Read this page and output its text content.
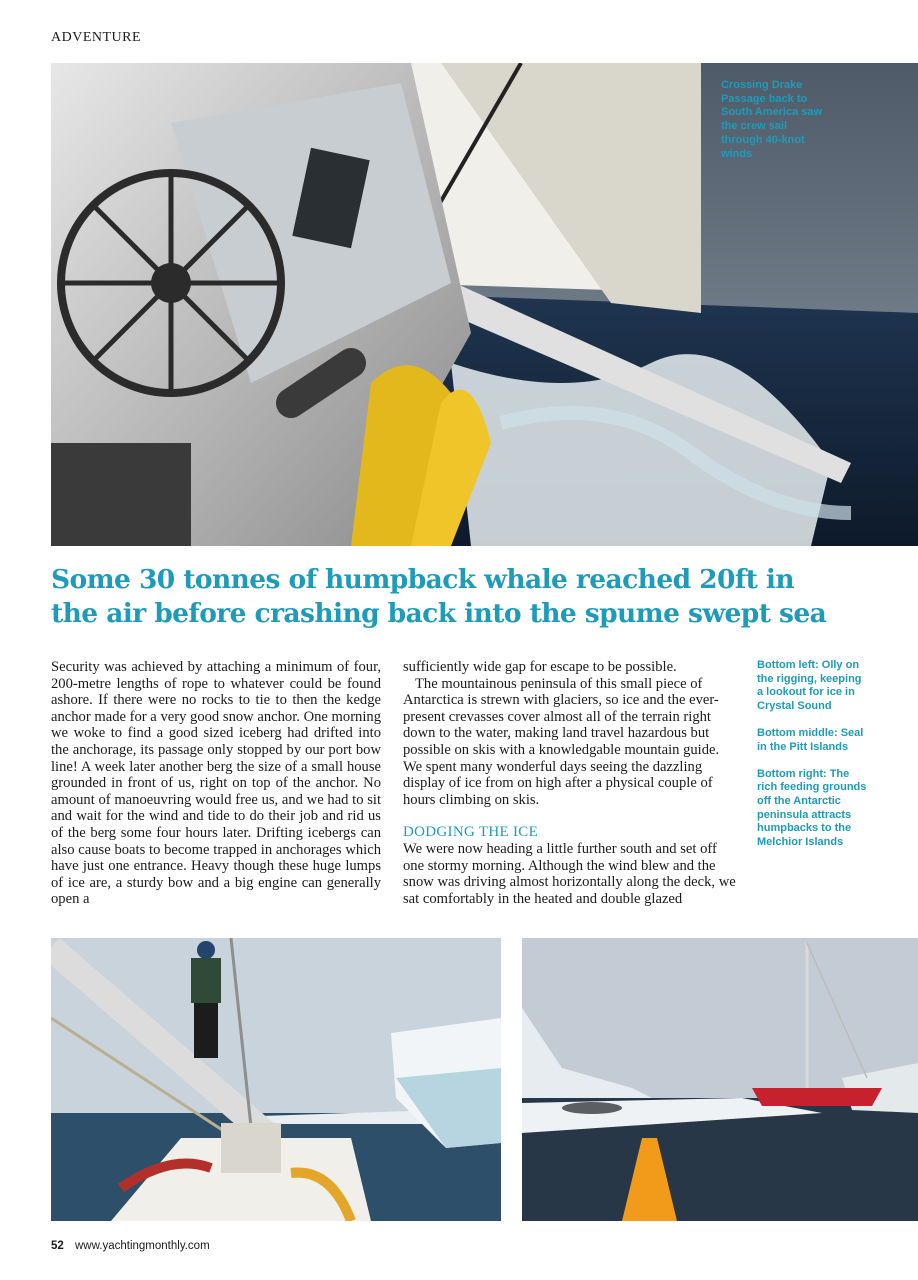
ADVENTURE
Crossing Drake Passage back to South America saw the crew sail through 40-knot winds
Some 30 tonnes of humpback whale reached 20ft in the air before crashing back into the spume swept sea

Security was achieved by attaching a minimum of four, 200-metre lengths of rope to whatever could be found ashore. If there were no rocks to tie to then the kedge anchor made for a very good snow anchor. One morning we woke to find a good sized iceberg had drifted into the anchorage, its passage only stopped by our port bow line! A week later another berg the size of a small house grounded in front of us, right on top of the anchor. No amount of manoeuvring would free us, and we had to sit and wait for the wind and tide to do their job and rid us of the berg some four hours later. Drifting icebergs can also cause boats to become trapped in anchorages which have just one entrance. Heavy though these huge lumps of ice are, a sturdy bow and a big engine can generally open a

sufficiently wide gap for escape to be possible.

The mountainous peninsula of this small piece of Antarctica is strewn with glaciers, so ice and the ever-present crevasses cover almost all of the terrain right down to the water, making land travel hazardous but possible on skis with a knowledgable mountain guide. We spent many wonderful days seeing the dazzling display of ice from on high after a physical couple of hours climbing on skis.

DODGING THE ICE

We were now heading a little further south and set off one stormy morning. Although the wind blew and the snow was driving almost horizontally along the deck, we sat comfortably in the heated and double glazed

Bottom left: Olly on the rigging, keeping a lookout for ice in Crystal Sound

Bottom middle: Seal in the Pitt Islands

Bottom right: The rich feeding grounds off the Antarctic peninsula attracts humpbacks to the Melchior Islands

52 www.yachtingmonthly.com
